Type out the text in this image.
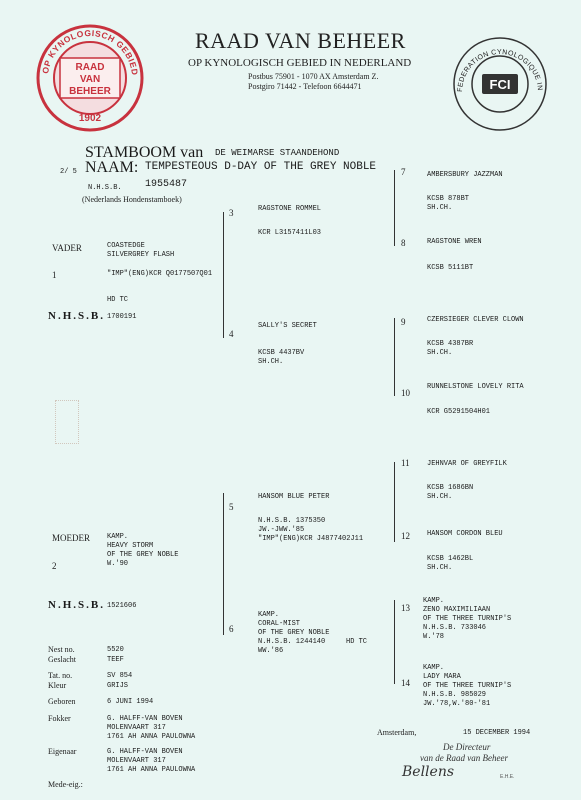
OP KYNOLOGISCH GEBIED
RAAD
VAN
BEHEER
1902
RAAD VAN BEHEER
OP KYNOLOGISCH GEBIED IN NEDERLAND
Postbus 75901 - 1070 AX Amsterdam Z.
Postgiro 71442 - Telefoon 6644471	FEDERATION CYNOLOGIQUE IN
FCI
2/ 5
STAMBOOM van DE WEIMARSE STAANDEHOND
NAAM: TEMPESTEOUS D-DAY OF THE GREY NOBLE
N.H.S.B. 1955487
(Nederlands Hondenstamboek)
VADER	COASTEDGE
SILVERGREY FLASH
1	"IMP"(ENG)KCR Q0177507Q01
HD TC
N.H.S.B. 1700191
MOEDER KAMP.
HEAVY STORM
OF THE GREY NOBLE
W.'90
2
N.H.S.B. 1521606
3	RAGSTONE ROMMEL
KCR L3157411L03
4
SALLY'S SECRET
KCSB 4437BV
SH.CH.
5
HANSOM BLUE PETER
N.H.S.B. 1375350
JW.-JWW.'85
"IMP"(ENG)KCR J4877402J11
6
KAMP.
CORAL-MIST
OF THE GREY NOBLE
N.H.S.B. 1244140	HD TC
WW.'86
7	AMBERSBURY JAZZMAN
KCSB 878BT
SH.CH.
8	RAGSTONE WREN
KCSB 5111BT
9	CZERSIEGER CLEVER CLOWN
KCSB 4387BR
SH.CH.
10
RUNNELSTONE LOVELY RITA
KCR G5291504H01
11 JEHNVAR OF GREYFILK
KCSB 1686BN
SH.CH.
12 HANSOM CORDON BLEU
KCSB 1462BL
SH.CH.
13
KAMP.
ZENO MAXIMILIAAN
OF THE THREE TURNIP'S
N.H.S.B. 733046
W.'78
14
KAMP.
LADY MARA
OF THE THREE TURNIP'S
N.H.S.B. 985029
JW.'78,W.'80-'81
Nest no.	5520
Geslacht	TEEF
Tat. no.	SV 854
Kleur	GRIJS
Geboren	6 JUNI 1994
Fokker	G. HALFF-VAN BOVEN
MOLENVAART 317
1761 AH ANNA PAULOWNA
Eigenaar	G. HALFF-VAN BOVEN
MOLENVAART 317
1761 AH ANNA PAULOWNA
Mede-eig.:
Amsterdam,	15 DECEMBER 1994
De Directeur
van de Raad van Beheer
Bellens	E.H.E.
